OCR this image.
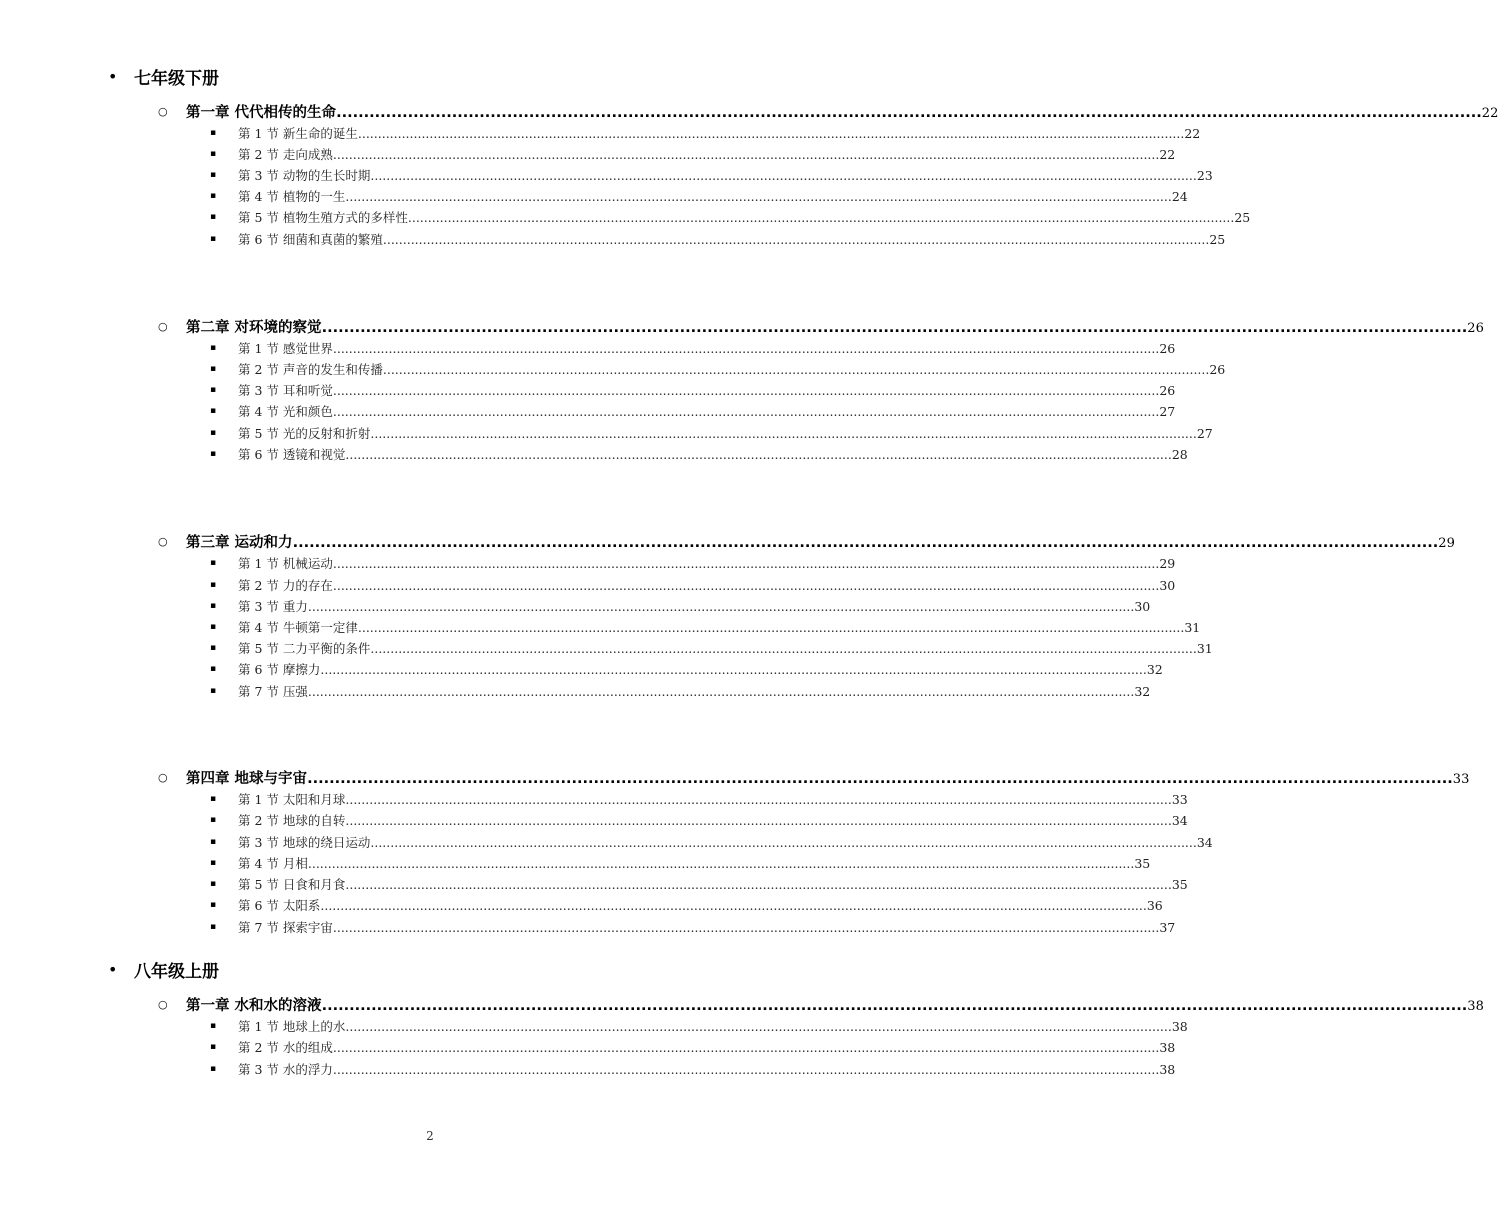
• 七年级下册
○	第一章 代代相传的生命 ................................................................................................................................................................................................................ 22
▪	第 1 节 新生命的诞生 ................................................................................................................................................................................................................ 22
▪	第 2 节 走向成熟 ................................................................................................................................................................................................................ 22
▪	第 3 节 动物的生长时期 ................................................................................................................................................................................................................ 23
▪	第 4 节 植物的一生 ................................................................................................................................................................................................................ 24
▪	第 5 节 植物生殖方式的多样性 ................................................................................................................................................................................................................ 25
▪	第 6 节 细菌和真菌的繁殖 ................................................................................................................................................................................................................ 25
○	第二章 对环境的察觉 ................................................................................................................................................................................................................ 26
▪	第 1 节 感觉世界 ................................................................................................................................................................................................................ 26
▪	第 2 节 声音的发生和传播 ................................................................................................................................................................................................................ 26
▪	第 3 节 耳和听觉 ................................................................................................................................................................................................................ 26
▪	第 4 节 光和颜色 ................................................................................................................................................................................................................ 27
▪	第 5 节 光的反射和折射 ................................................................................................................................................................................................................ 27
▪	第 6 节 透镜和视觉 ................................................................................................................................................................................................................ 28
○	第三章 运动和力 ................................................................................................................................................................................................................ 29
▪	第 1 节 机械运动 ................................................................................................................................................................................................................ 29
▪	第 2 节 力的存在 ................................................................................................................................................................................................................ 30
▪	第 3 节 重力 ................................................................................................................................................................................................................ 30
▪	第 4 节 牛顿第一定律 ................................................................................................................................................................................................................ 31
▪	第 5 节 二力平衡的条件 ................................................................................................................................................................................................................ 31
▪	第 6 节 摩擦力 ................................................................................................................................................................................................................ 32
▪	第 7 节 压强 ................................................................................................................................................................................................................ 32
○	第四章 地球与宇宙 ................................................................................................................................................................................................................ 33
▪	第 1 节 太阳和月球 ................................................................................................................................................................................................................ 33
▪	第 2 节 地球的自转 ................................................................................................................................................................................................................ 34
▪	第 3 节 地球的绕日运动 ................................................................................................................................................................................................................ 34
▪	第 4 节 月相 ................................................................................................................................................................................................................ 35
▪	第 5 节 日食和月食 ................................................................................................................................................................................................................ 35
▪	第 6 节 太阳系 ................................................................................................................................................................................................................ 36
▪	第 7 节 探索宇宙 ................................................................................................................................................................................................................ 37
• 八年级上册
○	第一章 水和水的溶液 ................................................................................................................................................................................................................ 38
▪	第 1 节 地球上的水 ................................................................................................................................................................................................................ 38
▪	第 2 节 水的组成 ................................................................................................................................................................................................................ 38
▪	第 3 节 水的浮力 ................................................................................................................................................................................................................ 38
2
